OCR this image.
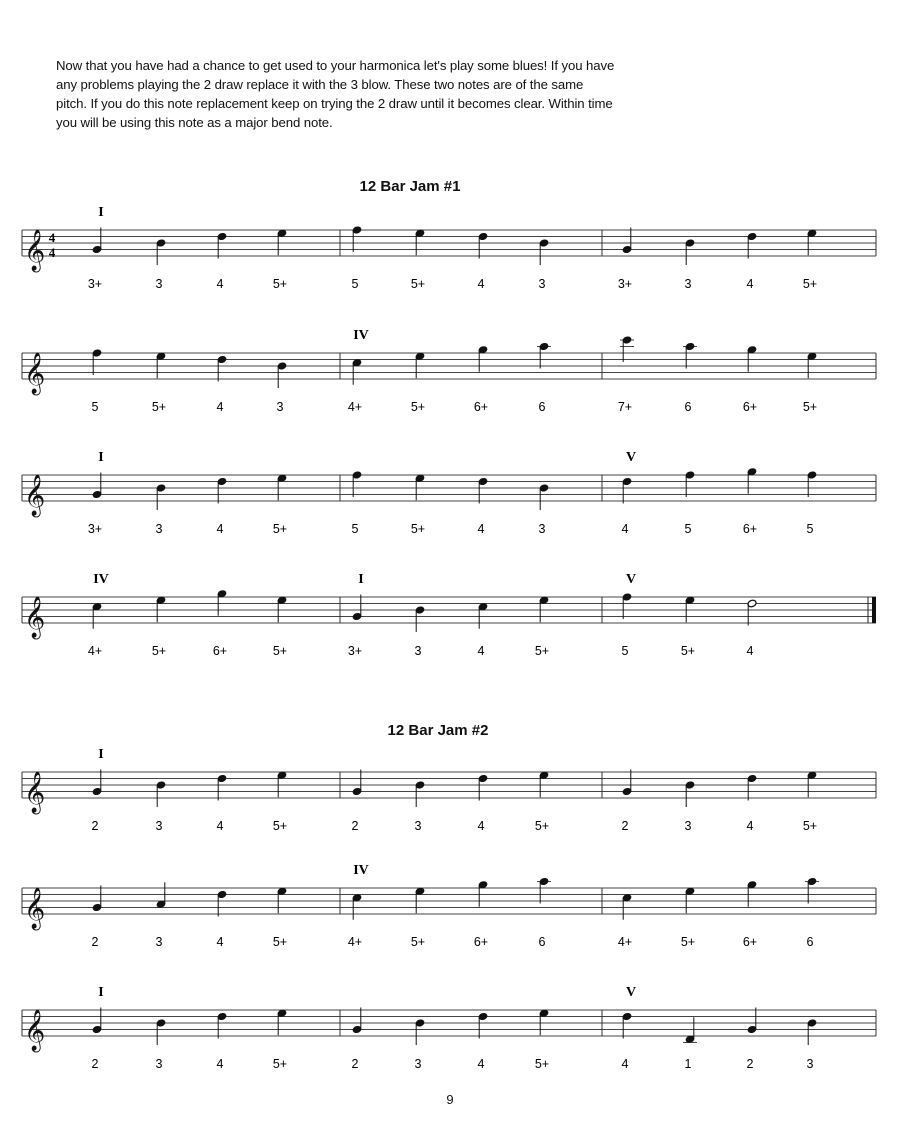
Now that you have had a chance to get used to your harmonica let's play some blues! If you have
any problems playing the 2 draw replace it with the 3 blow. These two notes are of the same
pitch. If you do this note replacement keep on trying the 2 draw until it becomes clear. Within time
you will be using this note as a major bend note.
12 Bar Jam #1
12 Bar Jam #2
𝄞 4
4
I
3+	3	4	5+	5	5+	4	3	3+	3	4	5+
𝄞
5	5+	4	3
IV
4+	5+	6+	6	7+	6	6+	5+
𝄞
I
3+	3	4	5+	5	5+	4	3
V
4	5	6+	5
𝄞
IV
4+	5+	6+	5+
I
3+	3	4	5+
V
5	5+	4
𝄞
I
2	3	4	5+	2	3	4	5+	2	3	4	5+
𝄞
2	3	4	5+
IV
4+	5+	6+	6	4+	5+	6+	6
𝄞
I
2	3	4	5+	2	3	4	5+
V
4	1	2	3
9
